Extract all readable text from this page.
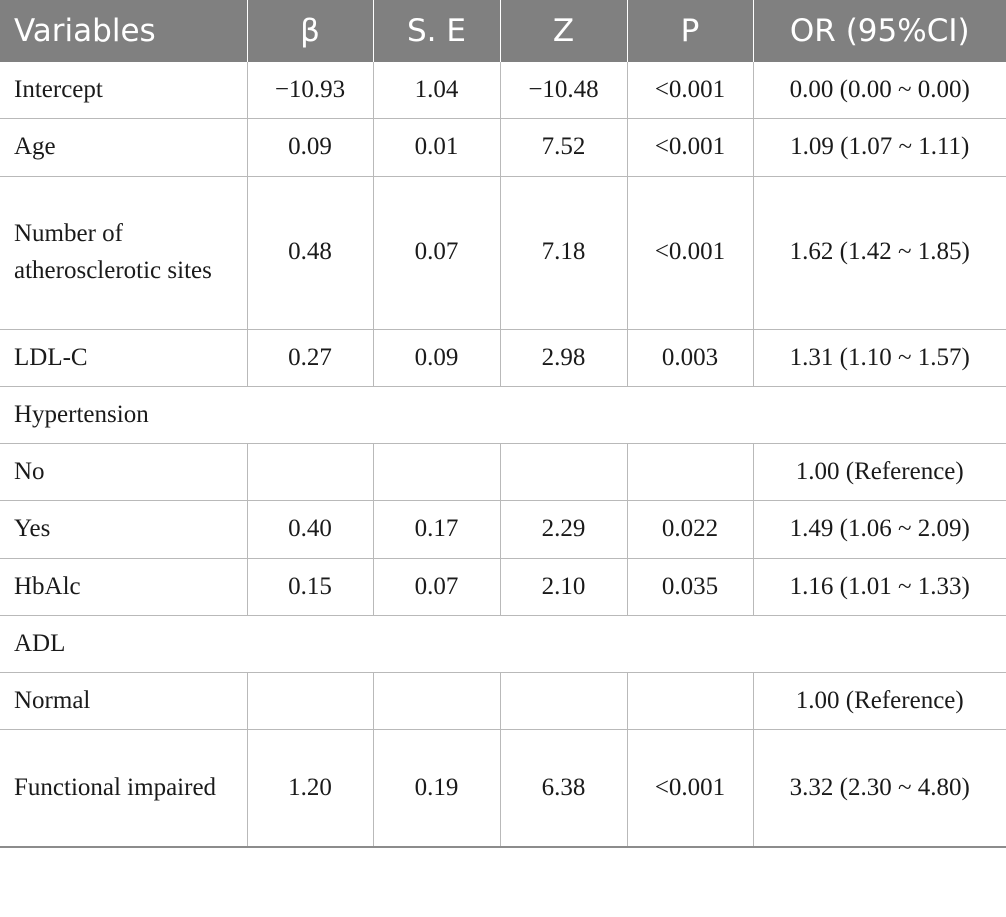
Variables	β	S. E	Z	P	OR (95%CI)
Intercept	−10.93	1.04	−10.48	<0.001	0.00 (0.00 ~ 0.00)
Age	0.09	0.01	7.52	<0.001	1.09 (1.07 ~ 1.11)
Number of atherosclerotic sites	0.48	0.07	7.18	<0.001	1.62 (1.42 ~ 1.85)
LDL-C	0.27	0.09	2.98	0.003	1.31 (1.10 ~ 1.57)
Hypertension					
No					1.00 (Reference)
Yes	0.40	0.17	2.29	0.022	1.49 (1.06 ~ 2.09)
HbAlc	0.15	0.07	2.10	0.035	1.16 (1.01 ~ 1.33)
ADL					
Normal					1.00 (Reference)
Functional impaired	1.20	0.19	6.38	<0.001	3.32 (2.30 ~ 4.80)
